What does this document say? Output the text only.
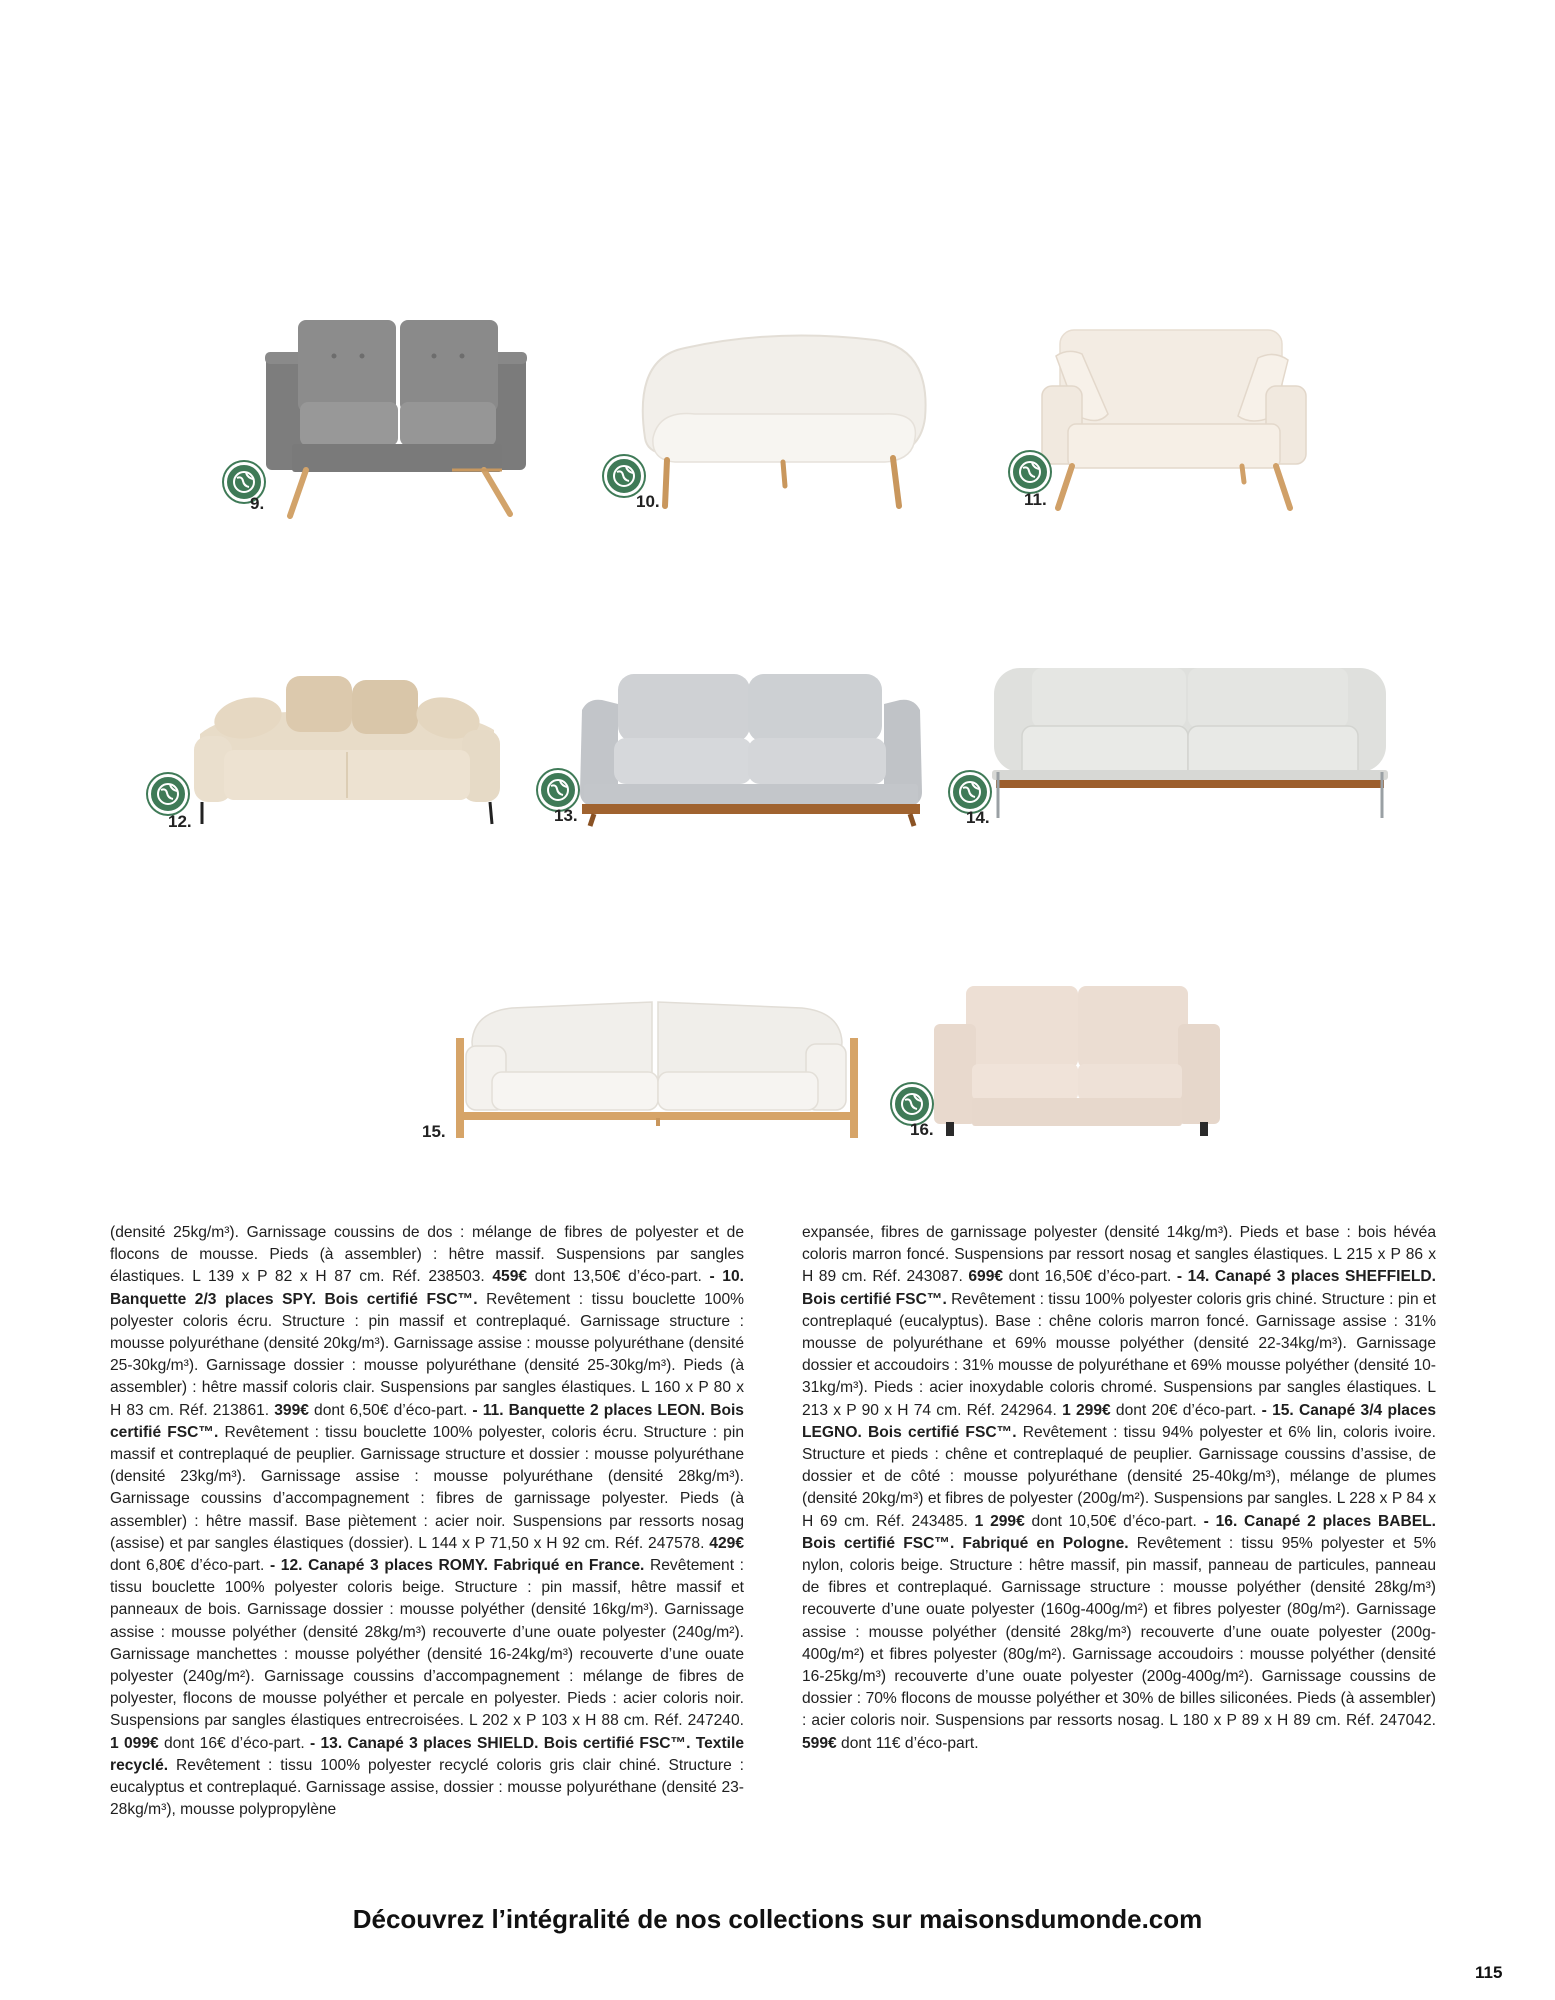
9.	10.	11.
12.	13.	14.
15.	16.
(densité 25kg/m³). Garnissage coussins de dos : mélange de fibres de polyester et de flocons de mousse. Pieds (à assembler) : hêtre massif. Suspensions par sangles élastiques. L 139 x P 82 x H 87 cm. Réf. 238503. 459€ dont 13,50€ d’éco-part. - 10. Banquette 2/3 places SPY. Bois certifié FSC™. Revêtement : tissu bouclette 100% polyester coloris écru. Structure : pin massif et contreplaqué. Garnissage structure : mousse polyuréthane (densité 20kg/m³). Garnissage assise : mousse polyuréthane (densité 25-30kg/m³). Garnissage dossier : mousse polyuréthane (densité 25-30kg/m³). Pieds (à assembler) : hêtre massif coloris clair. Suspensions par sangles élastiques. L 160 x P 80 x H 83 cm. Réf. 213861. 399€ dont 6,50€ d’éco-part. - 11. Banquette 2 places LEON. Bois certifié FSC™. Revêtement : tissu bouclette 100% polyester, coloris écru. Structure : pin massif et contreplaqué de peuplier. Garnissage structure et dossier : mousse polyuréthane (densité 23kg/m³). Garnissage assise : mousse polyuréthane (densité 28kg/m³). Garnissage coussins d’accompagnement : fibres de garnissage polyester. Pieds (à assembler) : hêtre massif. Base piètement : acier noir. Suspensions par ressorts nosag (assise) et par sangles élastiques (dossier). L 144 x P 71,50 x H 92 cm. Réf. 247578. 429€ dont 6,80€ d’éco-part. - 12. Canapé 3 places ROMY. Fabriqué en France. Revêtement : tissu bouclette 100% polyester coloris beige. Structure : pin massif, hêtre massif et panneaux de bois. Garnissage dossier : mousse polyéther (densité 16kg/m³). Garnissage assise : mousse polyéther (densité 28kg/m³) recouverte d’une ouate polyester (240g/m²). Garnissage manchettes : mousse polyéther (densité 16-24kg/m³) recouverte d’une ouate polyester (240g/m²). Garnissage coussins d’accompagnement : mélange de fibres de polyester, flocons de mousse polyéther et percale en polyester. Pieds : acier coloris noir. Suspensions par sangles élastiques entrecroisées. L 202 x P 103 x H 88 cm. Réf. 247240. 1 099€ dont 16€ d’éco-part. - 13. Canapé 3 places SHIELD. Bois certifié FSC™. Textile recyclé. Revêtement : tissu 100% polyester recyclé coloris gris clair chiné. Structure : eucalyptus et contreplaqué. Garnissage assise, dossier : mousse polyuréthane (densité 23-28kg/m³), mousse polypropylène
expansée, fibres de garnissage polyester (densité 14kg/m³). Pieds et base : bois hévéa coloris marron foncé. Suspensions par ressort nosag et sangles élastiques. L 215 x P 86 x H 89 cm. Réf. 243087. 699€ dont 16,50€ d’éco-part. - 14. Canapé 3 places SHEFFIELD. Bois certifié FSC™. Revêtement : tissu 100% polyester coloris gris chiné. Structure : pin et contreplaqué (eucalyptus). Base : chêne coloris marron foncé. Garnissage assise : 31% mousse de polyuréthane et 69% mousse polyéther (densité 22-34kg/m³). Garnissage dossier et accoudoirs : 31% mousse de polyuréthane et 69% mousse polyéther (densité 10-31kg/m³). Pieds : acier inoxydable coloris chromé. Suspensions par sangles élastiques. L 213 x P 90 x H 74 cm. Réf. 242964. 1 299€ dont 20€ d’éco-part. - 15. Canapé 3/4 places LEGNO. Bois certifié FSC™. Revêtement : tissu 94% polyester et 6% lin, coloris ivoire. Structure et pieds : chêne et contreplaqué de peuplier. Garnissage coussins d’assise, de dossier et de côté : mousse polyuréthane (densité 25-40kg/m³), mélange de plumes (densité 20kg/m³) et fibres de polyester (200g/m²). Suspensions par sangles. L 228 x P 84 x H 69 cm. Réf. 243485. 1 299€ dont 10,50€ d’éco-part. - 16. Canapé 2 places BABEL. Bois certifié FSC™. Fabriqué en Pologne. Revêtement : tissu 95% polyester et 5% nylon, coloris beige. Structure : hêtre massif, pin massif, panneau de particules, panneau de fibres et contreplaqué. Garnissage structure : mousse polyéther (densité 28kg/m³) recouverte d’une ouate polyester (160g-400g/m²) et fibres polyester (80g/m²). Garnissage assise : mousse polyéther (densité 28kg/m³) recouverte d’une ouate polyester (200g-400g/m²) et fibres polyester (80g/m²). Garnissage accoudoirs : mousse polyéther (densité 16-25kg/m³) recouverte d’une ouate polyester (200g-400g/m²). Garnissage coussins de dossier : 70% flocons de mousse polyéther et 30% de billes siliconées. Pieds (à assembler) : acier coloris noir. Suspensions par ressorts nosag. L 180 x P 89 x H 89 cm. Réf. 247042. 599€ dont 11€ d’éco-part.
Découvrez l’intégralité de nos collections sur maisonsdumonde.com
115
